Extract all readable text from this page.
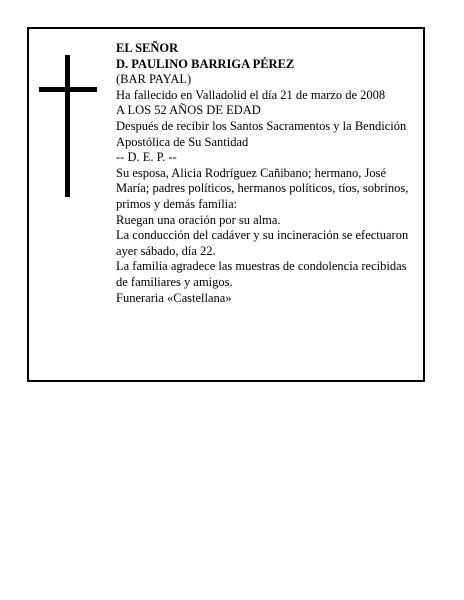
EL SEÑOR
D. PAULINO BARRIGA PÉREZ
(BAR PAYAL)
Ha fallecido en Valladolid el día 21 de marzo de 2008
A LOS 52 AÑOS DE EDAD
Después de recibir los Santos Sacramentos y la Bendición Apostólica de Su Santidad
-- D. E. P. --
Su esposa, Alicia Rodríguez Cañibano; hermano, José María; padres políticos, hermanos políticos, tíos, sobrinos, primos y demás familia:
Ruegan una oración por su alma.
La conducción del cadáver y su incineración se efectuaron ayer sábado, día 22.
La familia agradece las muestras de condolencia recibidas de familiares y amigos.
Funeraria «Castellana»
